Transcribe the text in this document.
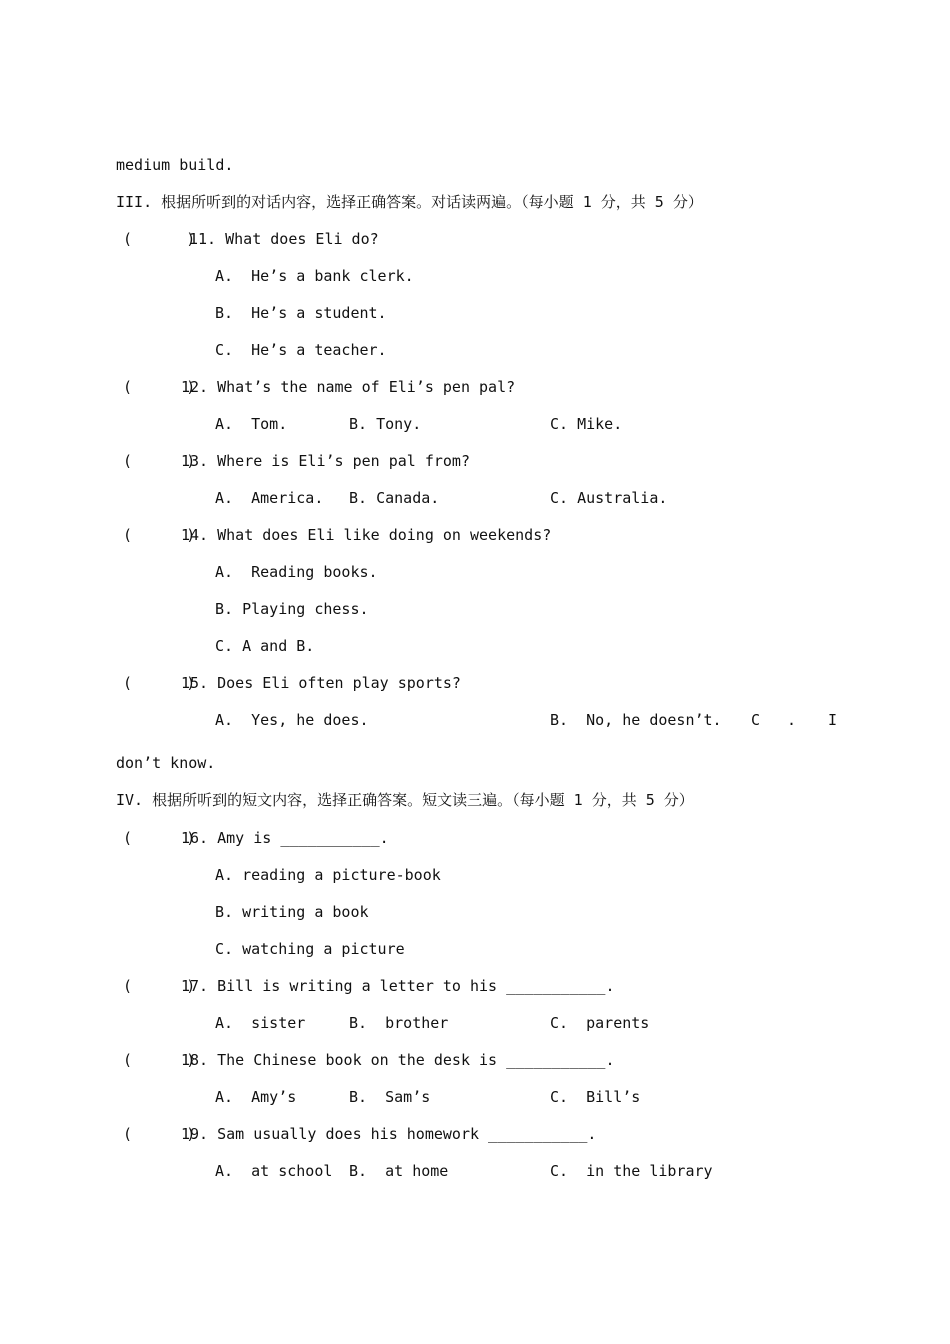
medium build.
III. 根据所听到的对话内容，选择正确答案。对话读两遍。（每小题 1 分，共 5 分）
(      )
11. What does Eli do?
A.  He’s a bank clerk.
B.  He’s a student.
C.  He’s a teacher.
(      )
12. What’s the name of Eli’s pen pal?
A.  Tom.	B. Tony.	C. Mike.
(      )
13. Where is Eli’s pen pal from?
A.  America. B. Canada.	C. Australia.
(      )
14. What does Eli like doing on weekends?
A.  Reading books.
B. Playing chess.
C. A and B.
(      )
15. Does Eli often play sports?
A.  Yes, he does.	B.  No, he doesn’t. C . I
don’t know.
IV. 根据所听到的短文内容，选择正确答案。短文读三遍。（每小题 1 分，共 5 分）
(      )
16. Amy is ___________.
A. reading a picture-book
B. writing a book
C. watching a picture
(      )
17. Bill is writing a letter to his ___________.
A.  sister	B.  brother	C.  parents
(      )
18. The Chinese book on the desk is ___________.
A.  Amy’s	B.  Sam’s	C.  Bill’s
(      )
19. Sam usually does his homework ___________.
A.  at school B.  at home	C.  in the library
